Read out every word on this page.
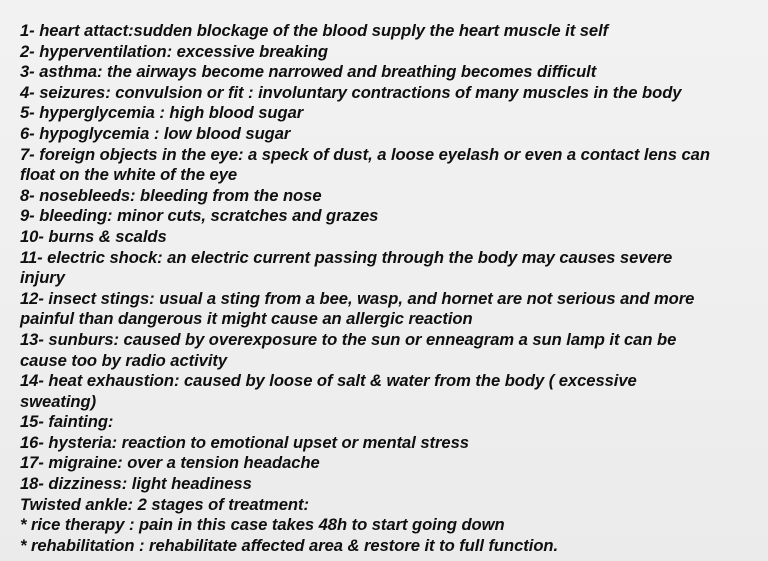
1- heart attact:sudden blockage of the blood supply the heart muscle it self

2- hyperventilation: excessive breaking

3- asthma: the airways become narrowed and breathing becomes difficult

4- seizures: convulsion or fit : involuntary contractions of many muscles in the body

5- hyperglycemia : high blood sugar

6- hypoglycemia : low blood sugar

7- foreign objects in the eye: a speck of dust, a loose eyelash or even a contact lens can

float on the white of the eye

8- nosebleeds: bleeding from the nose

9- bleeding: minor cuts, scratches and grazes

10- burns & scalds

11- electric shock: an electric current passing through the body may causes severe

injury

12- insect stings: usual a sting from a bee, wasp, and hornet are not serious and more

painful than dangerous it might cause an allergic reaction

13- sunburs: caused by overexposure to the sun or enneagram a sun lamp it can be

cause too by radio activity

14- heat exhaustion: caused by loose of salt & water from the body ( excessive

sweating)

15- fainting:

16- hysteria: reaction to emotional upset or mental stress

17- migraine: over a tension headache

18- dizziness: light headiness

Twisted ankle: 2 stages of treatment:

* rice therapy : pain in this case takes 48h to start going down

* rehabilitation : rehabilitate affected area & restore it to full function.
